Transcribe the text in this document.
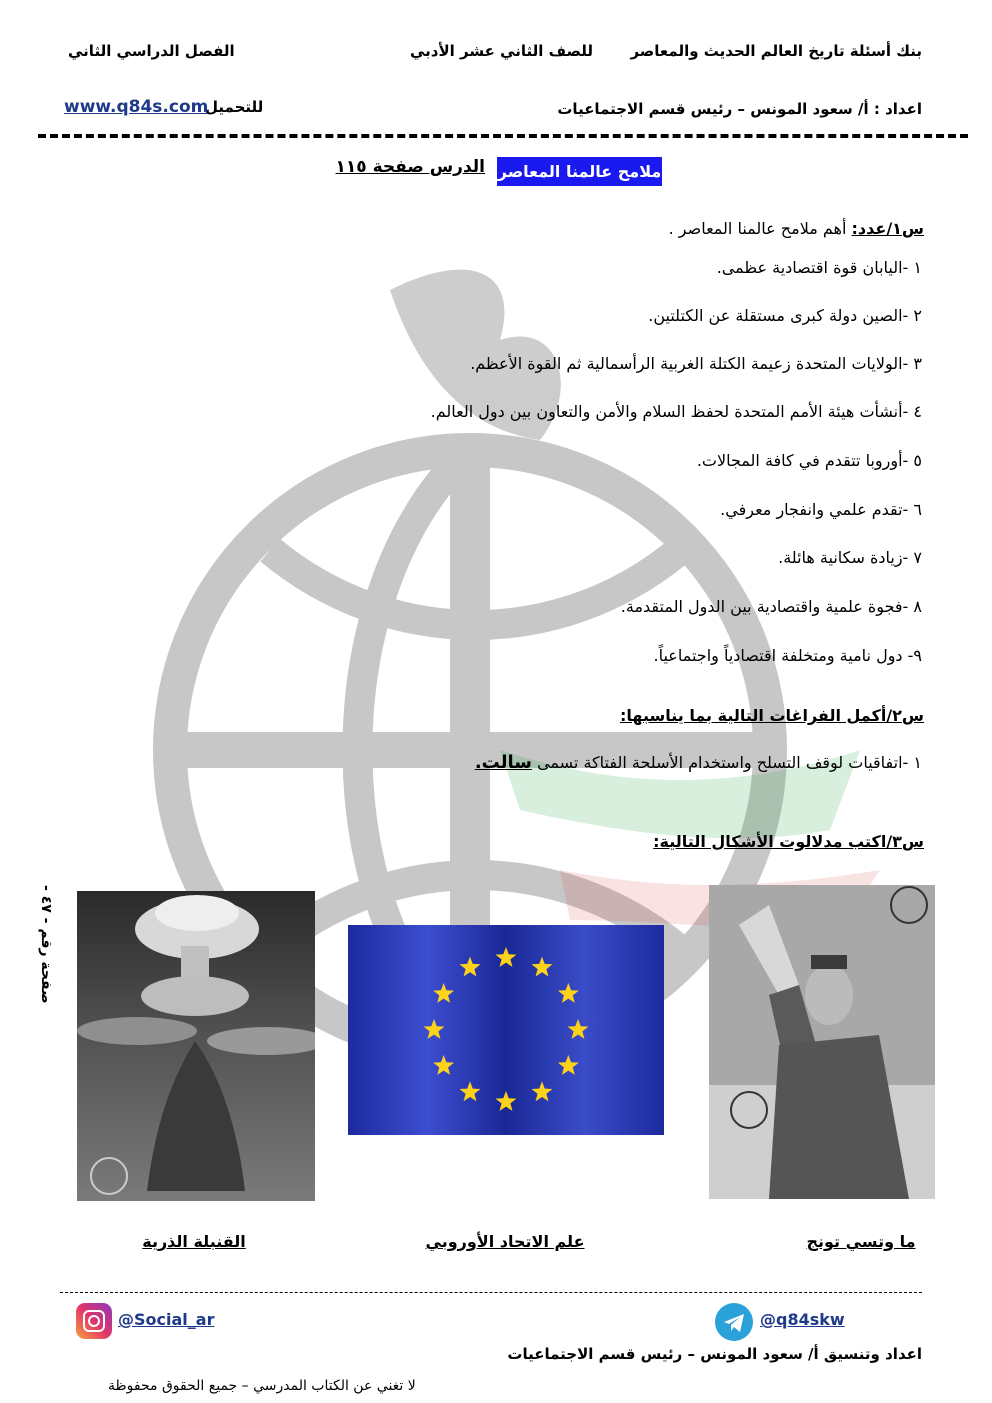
بنك أسئلة تاريخ العالم الحديث والمعاصر
للصف الثاني عشر الأدبي
الفصل الدراسي الثاني
اعداد : أ/ سعود المونس – رئيس قسم الاجتماعيات
للتحميل
www.q84s.com
ملامح عالمنا المعاصر
الدرس صفحة ١١٥
س١/عدد: أهم ملامح عالمنا المعاصر .
١ -اليابان قوة اقتصادية عظمى.
٢ -الصين دولة كبرى مستقلة عن الكتلتين.
٣ -الولايات المتحدة زعيمة الكتلة الغربية الرأسمالية ثم القوة الأعظم.
٤ -أنشأت هيئة الأمم المتحدة لحفظ السلام والأمن والتعاون بين دول العالم.
٥ -أوروبا تتقدم في كافة المجالات.
٦ -تقدم علمي وانفجار معرفي.
٧ -زيادة سكانية هائلة.
٨ -فجوة علمية واقتصادية بين الدول المتقدمة.
٩- دول نامية ومتخلفة اقتصادياً واجتماعياً.
س٢/أكمل الفراغات التالية بما يناسبها:
١ -اتفاقيات لوقف التسلح واستخدام الأسلحة الفتاكة تسمى سالت.
س٣/اكتب مدلالوت الأشكال التالية:
صفحة رقم - ٤٧ -
ما وتسي تونج
علم الاتحاد الأوروبي
القنبلة الذرية
@Social_ar	@q84skw
اعداد وتنسيق أ/ سعود المونس – رئيس قسم الاجتماعيات
لا تغني عن الكتاب المدرسي – جميع الحقوق محفوظة
